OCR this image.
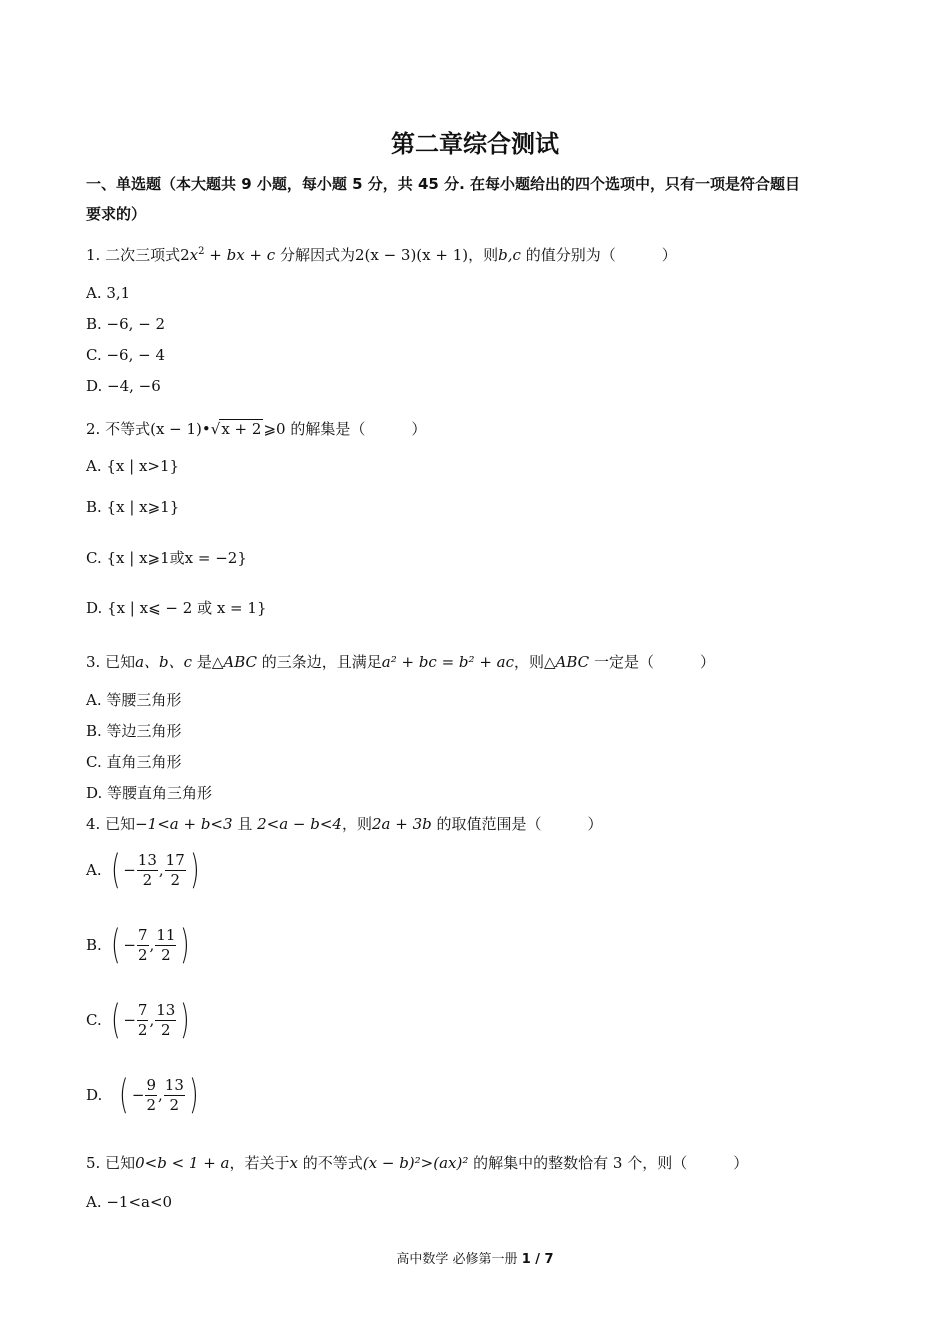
第二章综合测试
一、单选题（本大题共 9 小题，每小题 5 分，共 45 分. 在每小题给出的四个选项中，只有一项是符合题目
要求的）
1. 二次三项式$2x^2$ + bx + c 分解因式为2(x − 3)(x + 1)，则b,c 的值分别为（	）
A. 3,1
B. −6, − 2
C. −6, − 4
D. −4, −6
2. 不等式(x − 1)•√x + 2 ⩾0 的解集是（	）
A. {x | x>1}
B. {x | x⩾1}
C. {x | x⩾1或x = −2}
D. {x | x⩽ − 2 或 x = 1}
3. 已知a、b、c 是△ABC 的三条边，且满足a² + bc = b² + ac，则△ABC 一定是（	）
A. 等腰三角形
B. 等边三角形
C. 直角三角形
D. 等腰直角三角形
4. 已知−1<a + b<3 且 2<a − b<4，则2a + 3b 的取值范围是（	）
A. ( − $\frac{13}{2}$ , $\frac{17}{2}$ )
B. ( − $\frac{7}{2}$ , $\frac{11}{2}$ )
C. ( − $\frac{7}{2}$ , $\frac{13}{2}$ )
D. ( − $\frac{9}{2}$ , $\frac{13}{2}$ )
5. 已知0<b < 1 + a，若关于x 的不等式(x − b)²>(ax)² 的解集中的整数恰有 3 个，则（	）
A. −1<a<0
高中数学 必修第一册 1 / 7
